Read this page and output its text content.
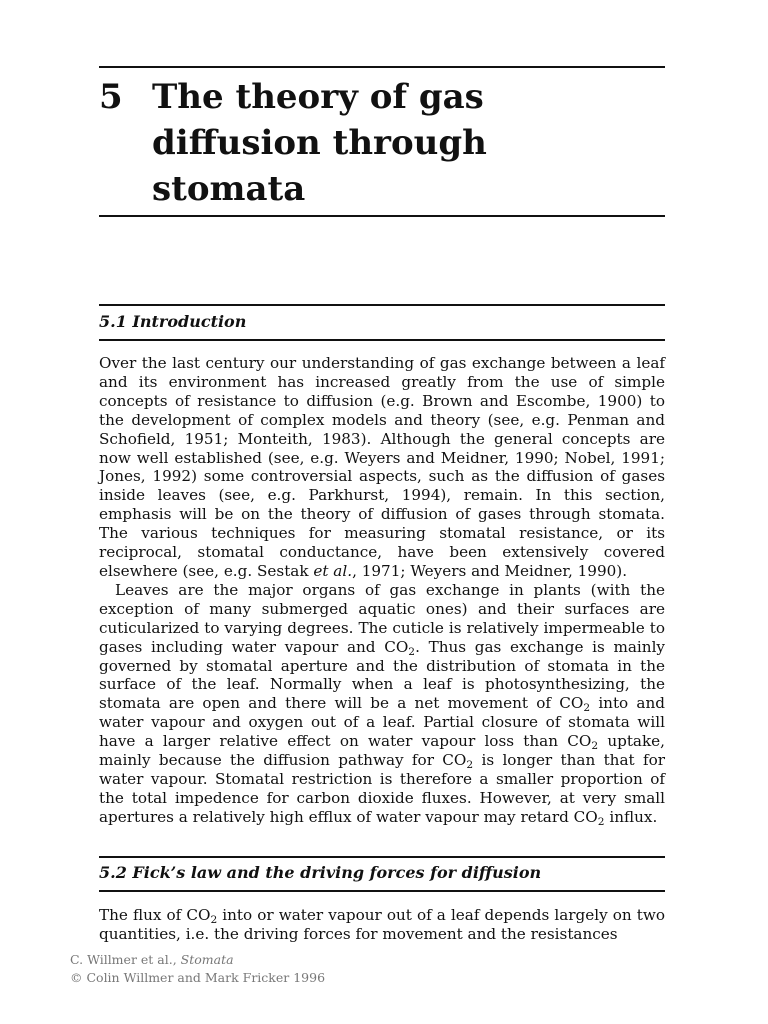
5 The theory of gas
diffusion through
stomata
5.1 Introduction

Over the last century our understanding of gas exchange between a leaf and its environment has increased greatly from the use of simple concepts of resistance to diffusion (e.g. Brown and Escombe, 1900) to the development of complex models and theory (see, e.g. Penman and Schofield, 1951; Monteith, 1983). Although the general concepts are now well established (see, e.g. Weyers and Meidner, 1990; Nobel, 1991; Jones, 1992) some controversial aspects, such as the diffusion of gases inside leaves (see, e.g. Parkhurst, 1994), remain. In this section, emphasis will be on the theory of diffusion of gases through stomata. The various techniques for measuring stomatal resistance, or its reciprocal, stomatal conductance, have been extensively covered elsewhere (see, e.g. Sestak et al., 1971; Weyers and Meidner, 1990).

Leaves are the major organs of gas exchange in plants (with the exception of many submerged aquatic ones) and their surfaces are cuticularized to varying degrees. The cuticle is relatively impermeable to gases including water vapour and $CO_2$. Thus gas exchange is mainly governed by stomatal aperture and the distribution of stomata in the surface of the leaf. Normally when a leaf is photosynthesizing, the stomata are open and there will be a net movement of $CO_2$ into and water vapour and oxygen out of a leaf. Partial closure of stomata will have a larger relative effect on water vapour loss than $CO_2$ uptake, mainly because the diffusion pathway for $CO_2$ is longer than that for water vapour. Stomatal restriction is therefore a smaller proportion of the total impedence for carbon dioxide fluxes. However, at very small apertures a relatively high efflux of water vapour may retard $CO_2$ influx.

5.2 Fick’s law and the driving forces for diffusion

The flux of $CO_2$ into or water vapour out of a leaf depends largely on two quantities, i.e. the driving forces for movement and the resistances

C. Willmer et al., Stomata
© Colin Willmer and Mark Fricker 1996
